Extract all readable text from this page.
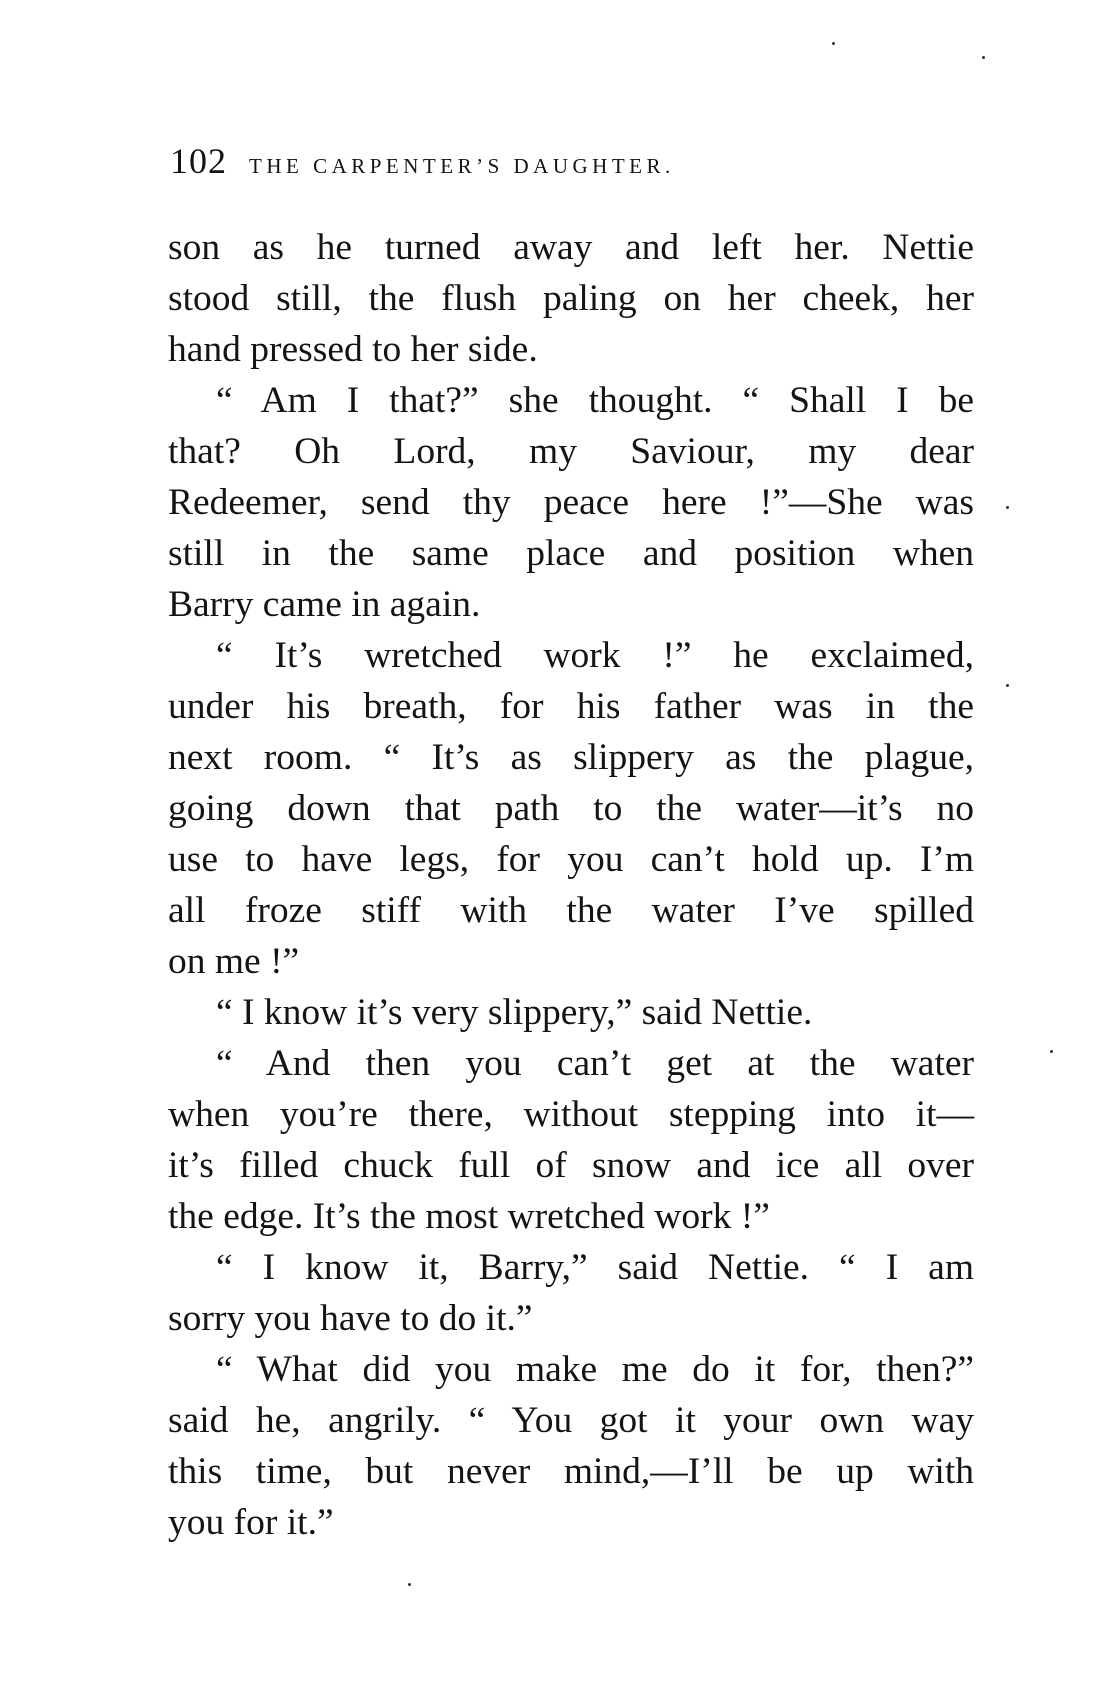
102 THE CARPENTER’S DAUGHTER.
son as he turned away and left her. Nettie
stood still, the flush paling on her cheek, her
hand pressed to her side.
“ Am I that?” she thought. “ Shall I be
that? Oh Lord, my Saviour, my dear
Redeemer, send thy peace here !”—She was
still in the same place and position when
Barry came in again.
“ It’s wretched work !” he exclaimed,
under his breath, for his father was in the
next room. “ It’s as slippery as the plague,
going down that path to the water—it’s no
use to have legs, for you can’t hold up. I’m
all froze stiff with the water I’ve spilled
on me !”
“ I know it’s very slippery,” said Nettie.
“ And then you can’t get at the water
when you’re there, without stepping into it—
it’s filled chuck full of snow and ice all over
the edge. It’s the most wretched work !”
“ I know it, Barry,” said Nettie. “ I am
sorry you have to do it.”
“ What did you make me do it for, then?”
said he, angrily. “ You got it your own way
this time, but never mind,—I’ll be up with
you for it.”
